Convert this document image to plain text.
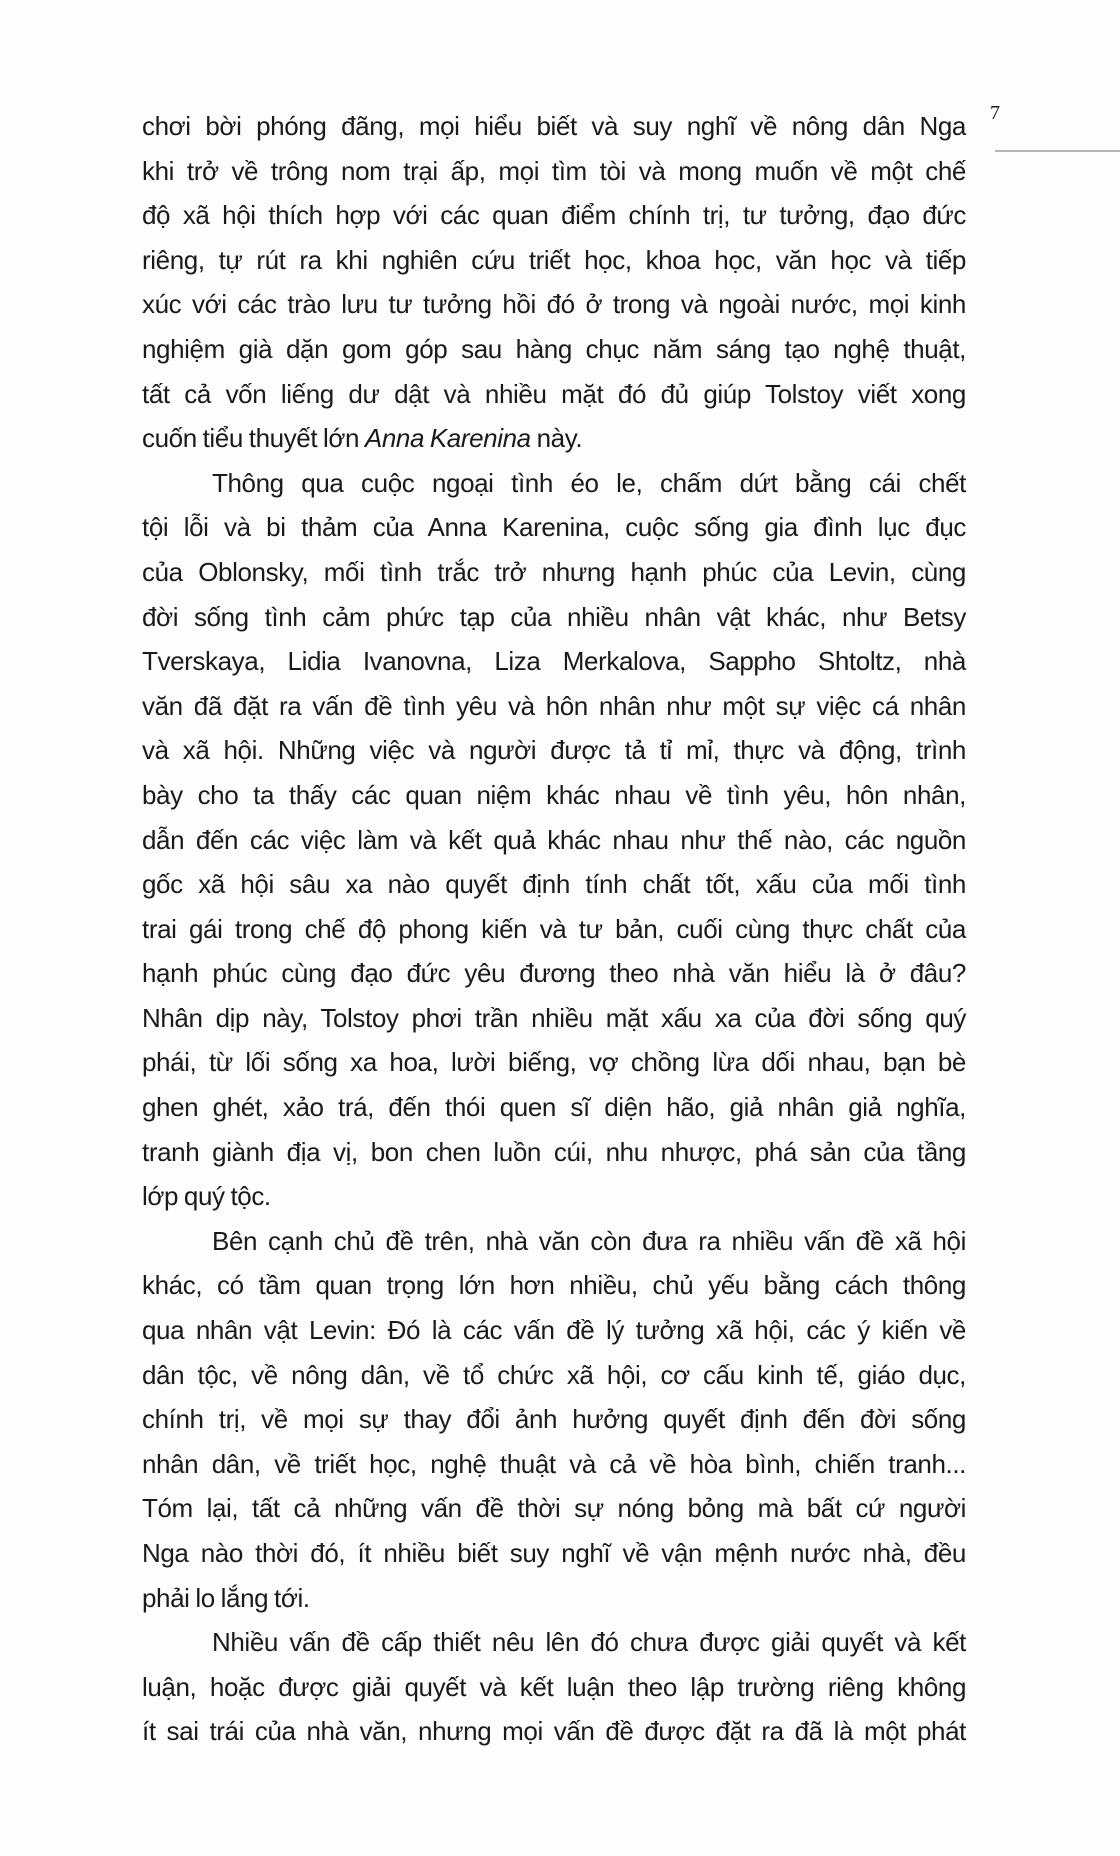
7
chơi bời phóng đãng, mọi hiểu biết và suy nghĩ về nông dân Nga
khi trở về trông nom trại ấp, mọi tìm tòi và mong muốn về một chế
độ xã hội thích hợp với các quan điểm chính trị, tư tưởng, đạo đức
riêng, tự rút ra khi nghiên cứu triết học, khoa học, văn học và tiếp
xúc với các trào lưu tư tưởng hồi đó ở trong và ngoài nước, mọi kinh
nghiệm già dặn gom góp sau hàng chục năm sáng tạo nghệ thuật,
tất cả vốn liếng dư dật và nhiều mặt đó đủ giúp Tolstoy viết xong
cuốn tiểu thuyết lớn Anna Karenina này.
Thông qua cuộc ngoại tình éo le, chấm dứt bằng cái chết
tội lỗi và bi thảm của Anna Karenina, cuộc sống gia đình lục đục
của Oblonsky, mối tình trắc trở nhưng hạnh phúc của Levin, cùng
đời sống tình cảm phức tạp của nhiều nhân vật khác, như Betsy
Tverskaya, Lidia Ivanovna, Liza Merkalova, Sappho Shtoltz, nhà
văn đã đặt ra vấn đề tình yêu và hôn nhân như một sự việc cá nhân
và xã hội. Những việc và người được tả tỉ mỉ, thực và động, trình
bày cho ta thấy các quan niệm khác nhau về tình yêu, hôn nhân,
dẫn đến các việc làm và kết quả khác nhau như thế nào, các nguồn
gốc xã hội sâu xa nào quyết định tính chất tốt, xấu của mối tình
trai gái trong chế độ phong kiến và tư bản, cuối cùng thực chất của
hạnh phúc cùng đạo đức yêu đương theo nhà văn hiểu là ở đâu?
Nhân dịp này, Tolstoy phơi trần nhiều mặt xấu xa của đời sống quý
phái, từ lối sống xa hoa, lười biếng, vợ chồng lừa dối nhau, bạn bè
ghen ghét, xảo trá, đến thói quen sĩ diện hão, giả nhân giả nghĩa,
tranh giành địa vị, bon chen luồn cúi, nhu nhược, phá sản của tầng
lớp quý tộc.
Bên cạnh chủ đề trên, nhà văn còn đưa ra nhiều vấn đề xã hội
khác, có tầm quan trọng lớn hơn nhiều, chủ yếu bằng cách thông
qua nhân vật Levin: Đó là các vấn đề lý tưởng xã hội, các ý kiến về
dân tộc, về nông dân, về tổ chức xã hội, cơ cấu kinh tế, giáo dục,
chính trị, về mọi sự thay đổi ảnh hưởng quyết định đến đời sống
nhân dân, về triết học, nghệ thuật và cả về hòa bình, chiến tranh...
Tóm lại, tất cả những vấn đề thời sự nóng bỏng mà bất cứ người
Nga nào thời đó, ít nhiều biết suy nghĩ về vận mệnh nước nhà, đều
phải lo lắng tới.
Nhiều vấn đề cấp thiết nêu lên đó chưa được giải quyết và kết
luận, hoặc được giải quyết và kết luận theo lập trường riêng không
ít sai trái của nhà văn, nhưng mọi vấn đề được đặt ra đã là một phát
